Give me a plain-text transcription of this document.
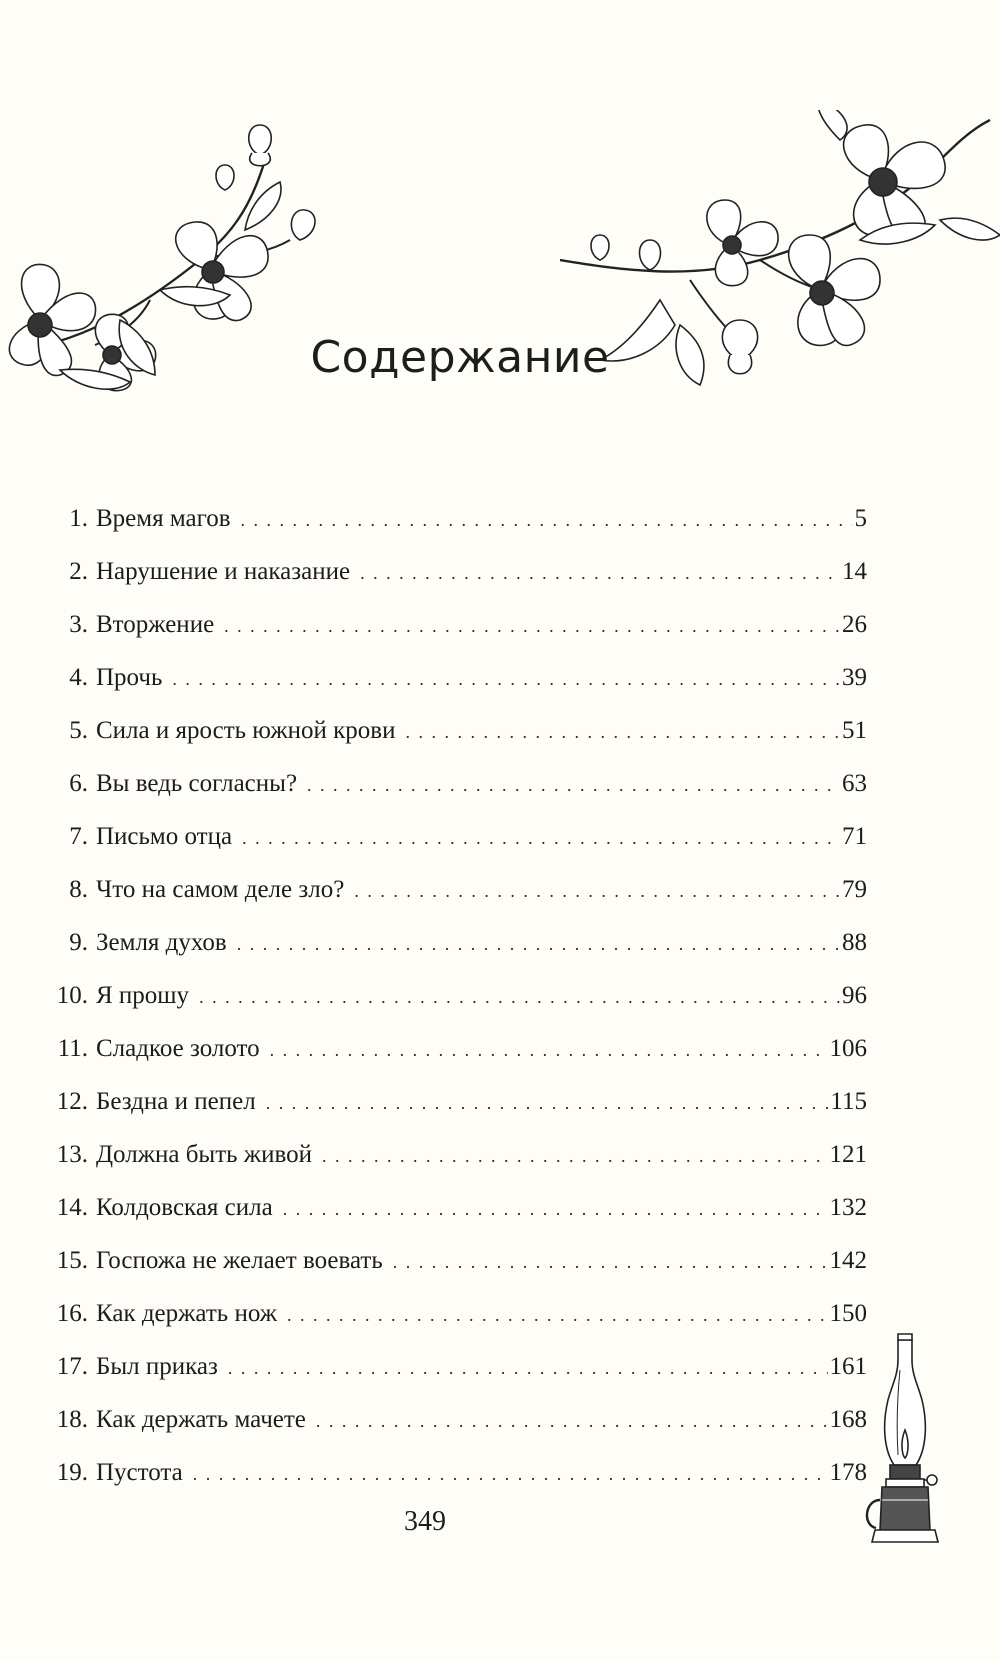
Содержание
1. Время магов . . .	5
2. Нарушение и наказание . . .	14
3. Вторжение . . .	26
4. Прочь . . .	39
5. Сила и ярость южной крови . . .	51
6. Вы ведь согласны? . . .	63
7. Письмо отца . . .	71
8. Что на самом деле зло? . . .	79
9. Земля духов . . .	88
10. Я прошу . . .	96
11. Сладкое золото . . .	106
12. Бездна и пепел . . .	115
13. Должна быть живой . . .	121
14. Колдовская сила . . .	132
15. Госпожа не желает воевать . . .	142
16. Как держать нож . . .	150
17. Был приказ . . .	161
18. Как держать мачете . . .	168
19. Пустота . . .	178
349
